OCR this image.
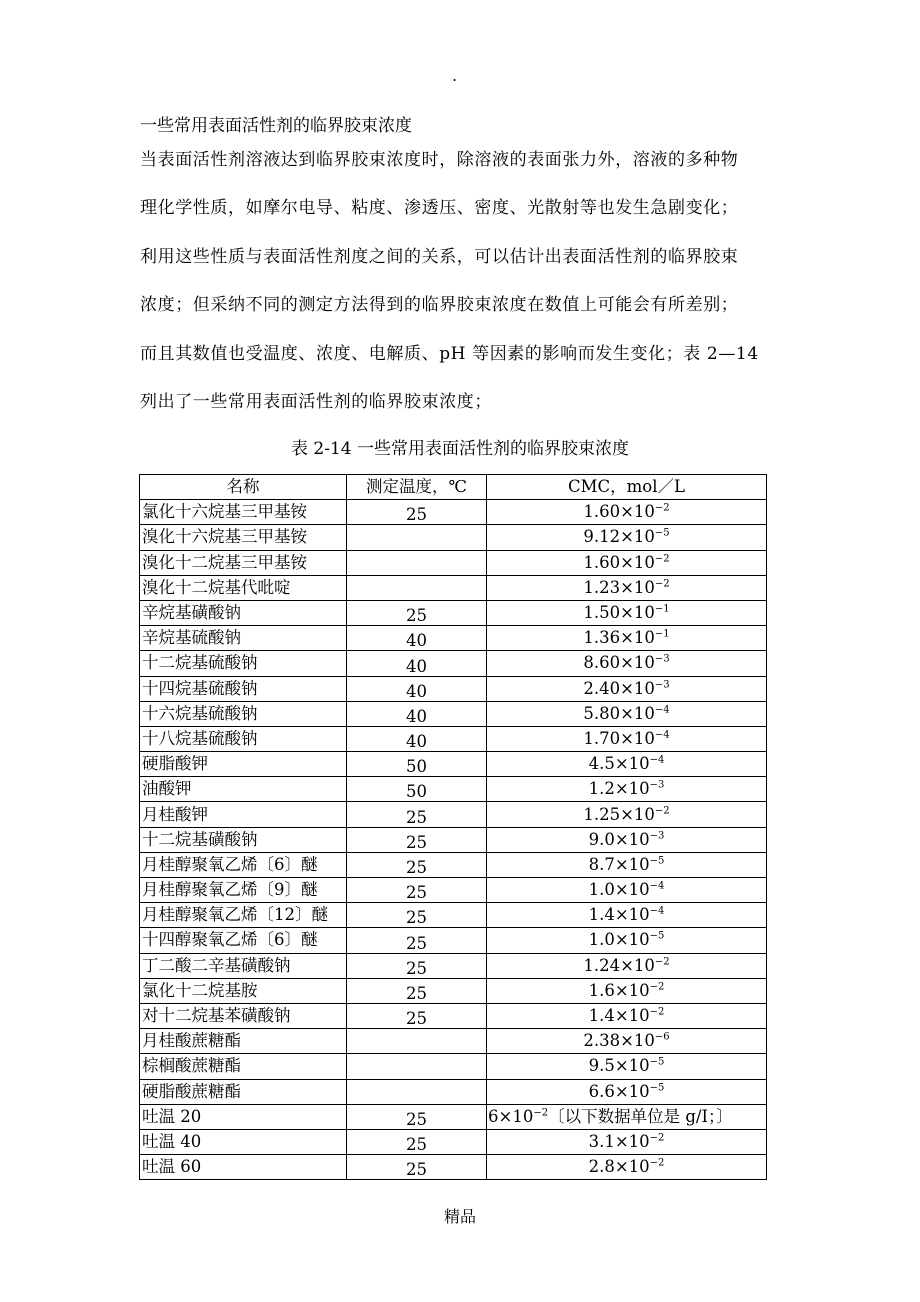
.
一些常用表面活性剂的临界胶束浓度
当表面活性剂溶液达到临界胶束浓度时，除溶液的表面张力外，溶液的多种物
理化学性质，如摩尔电导、粘度、渗透压、密度、光散射等也发生急剧变化；
利用这些性质与表面活性剂度之间的关系，可以估计出表面活性剂的临界胶束
浓度；但采纳不同的测定方法得到的临界胶束浓度在数值上可能会有所差别；
而且其数值也受温度、浓度、电解质、pH 等因素的影响而发生变化；表 2—14
列出了一些常用表面活性剂的临界胶束浓度；
表 2-14 一些常用表面活性剂的临界胶束浓度
名称	测定温度，℃	CMC，mol／L
氯化十六烷基三甲基铵	25	$1.60\times 10^{-2}$
溴化十六烷基三甲基铵		$9.12\times 10^{-5}$
溴化十二烷基三甲基铵		$1.60\times 10^{-2}$
溴化十二烷基代吡啶		$1.23\times 10^{-2}$
辛烷基磺酸钠	25	$1.50\times 10^{-1}$
辛烷基硫酸钠	40	$1.36\times 10^{-1}$
十二烷基硫酸钠	40	$8.60\times 10^{-3}$
十四烷基硫酸钠	40	$2.40\times 10^{-3}$
十六烷基硫酸钠	40	$5.80\times 10^{-4}$
十八烷基硫酸钠	40	$1.70\times 10^{-4}$
硬脂酸钾	50	$4.5\times 10^{-4}$
油酸钾	50	$1.2\times 10^{-3}$
月桂酸钾	25	$1.25\times 10^{-2}$
十二烷基磺酸钠	25	$9.0\times 10^{-3}$
月桂醇聚氧乙烯〔6〕醚	25	$8.7\times 10^{-5}$
月桂醇聚氧乙烯〔9〕醚	25	$1.0\times 10^{-4}$
月桂醇聚氧乙烯〔12〕醚	25	$1.4\times 10^{-4}$
十四醇聚氧乙烯〔6〕醚	25	$1.0\times 10^{-5}$
丁二酸二辛基磺酸钠	25	$1.24\times 10^{-2}$
氯化十二烷基胺	25	$1.6\times 10^{-2}$
对十二烷基苯磺酸钠	25	$1.4\times 10^{-2}$
月桂酸蔗糖酯		$2.38\times 10^{-6}$
棕榈酸蔗糖酯		$9.5\times 10^{-5}$
硬脂酸蔗糖酯		$6.6\times 10^{-5}$
吐温 20	25	$6\times 10^{-2}$〔以下数据单位是 g/I；〕
吐温 40	25	$3.1\times 10^{-2}$
吐温 60	25	$2.8\times 10^{-2}$
精品
